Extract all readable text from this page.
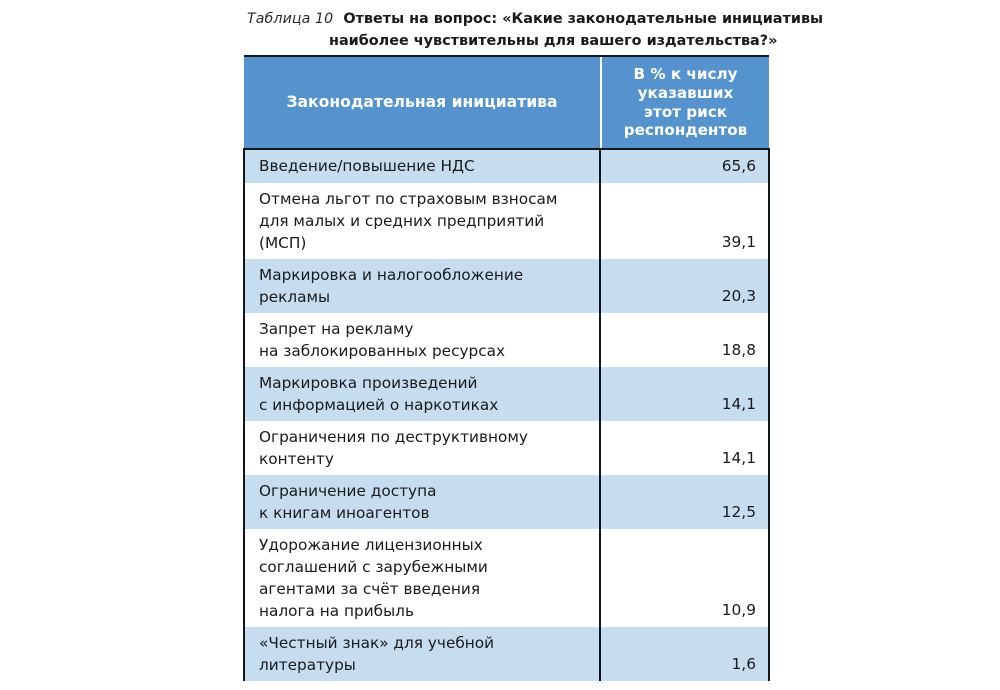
Таблица 10 Ответы на вопрос: «Какие законодательные инициативы
наиболее чувствительны для вашего издательства?»
Законодательная инициатива	В % к числу
указавших
этот риск
респондентов

Введение/повышение НДС	65,6

Отмена льгот по страховым взносам
для малых и средних предприятий
(МСП)	39,1

Маркировка и налогообложение
рекламы	20,3

Запрет на рекламу
на заблокированных ресурсах	18,8

Маркировка произведений
с информацией о наркотиках	14,1

Ограничения по деструктивному
контенту	14,1

Ограничение доступа
к книгам иноагентов	12,5

Удорожание лицензионных
соглашений с зарубежными
агентами за счёт введения
налога на прибыль	10,9

«Честный знак» для учебной
литературы	1,6
